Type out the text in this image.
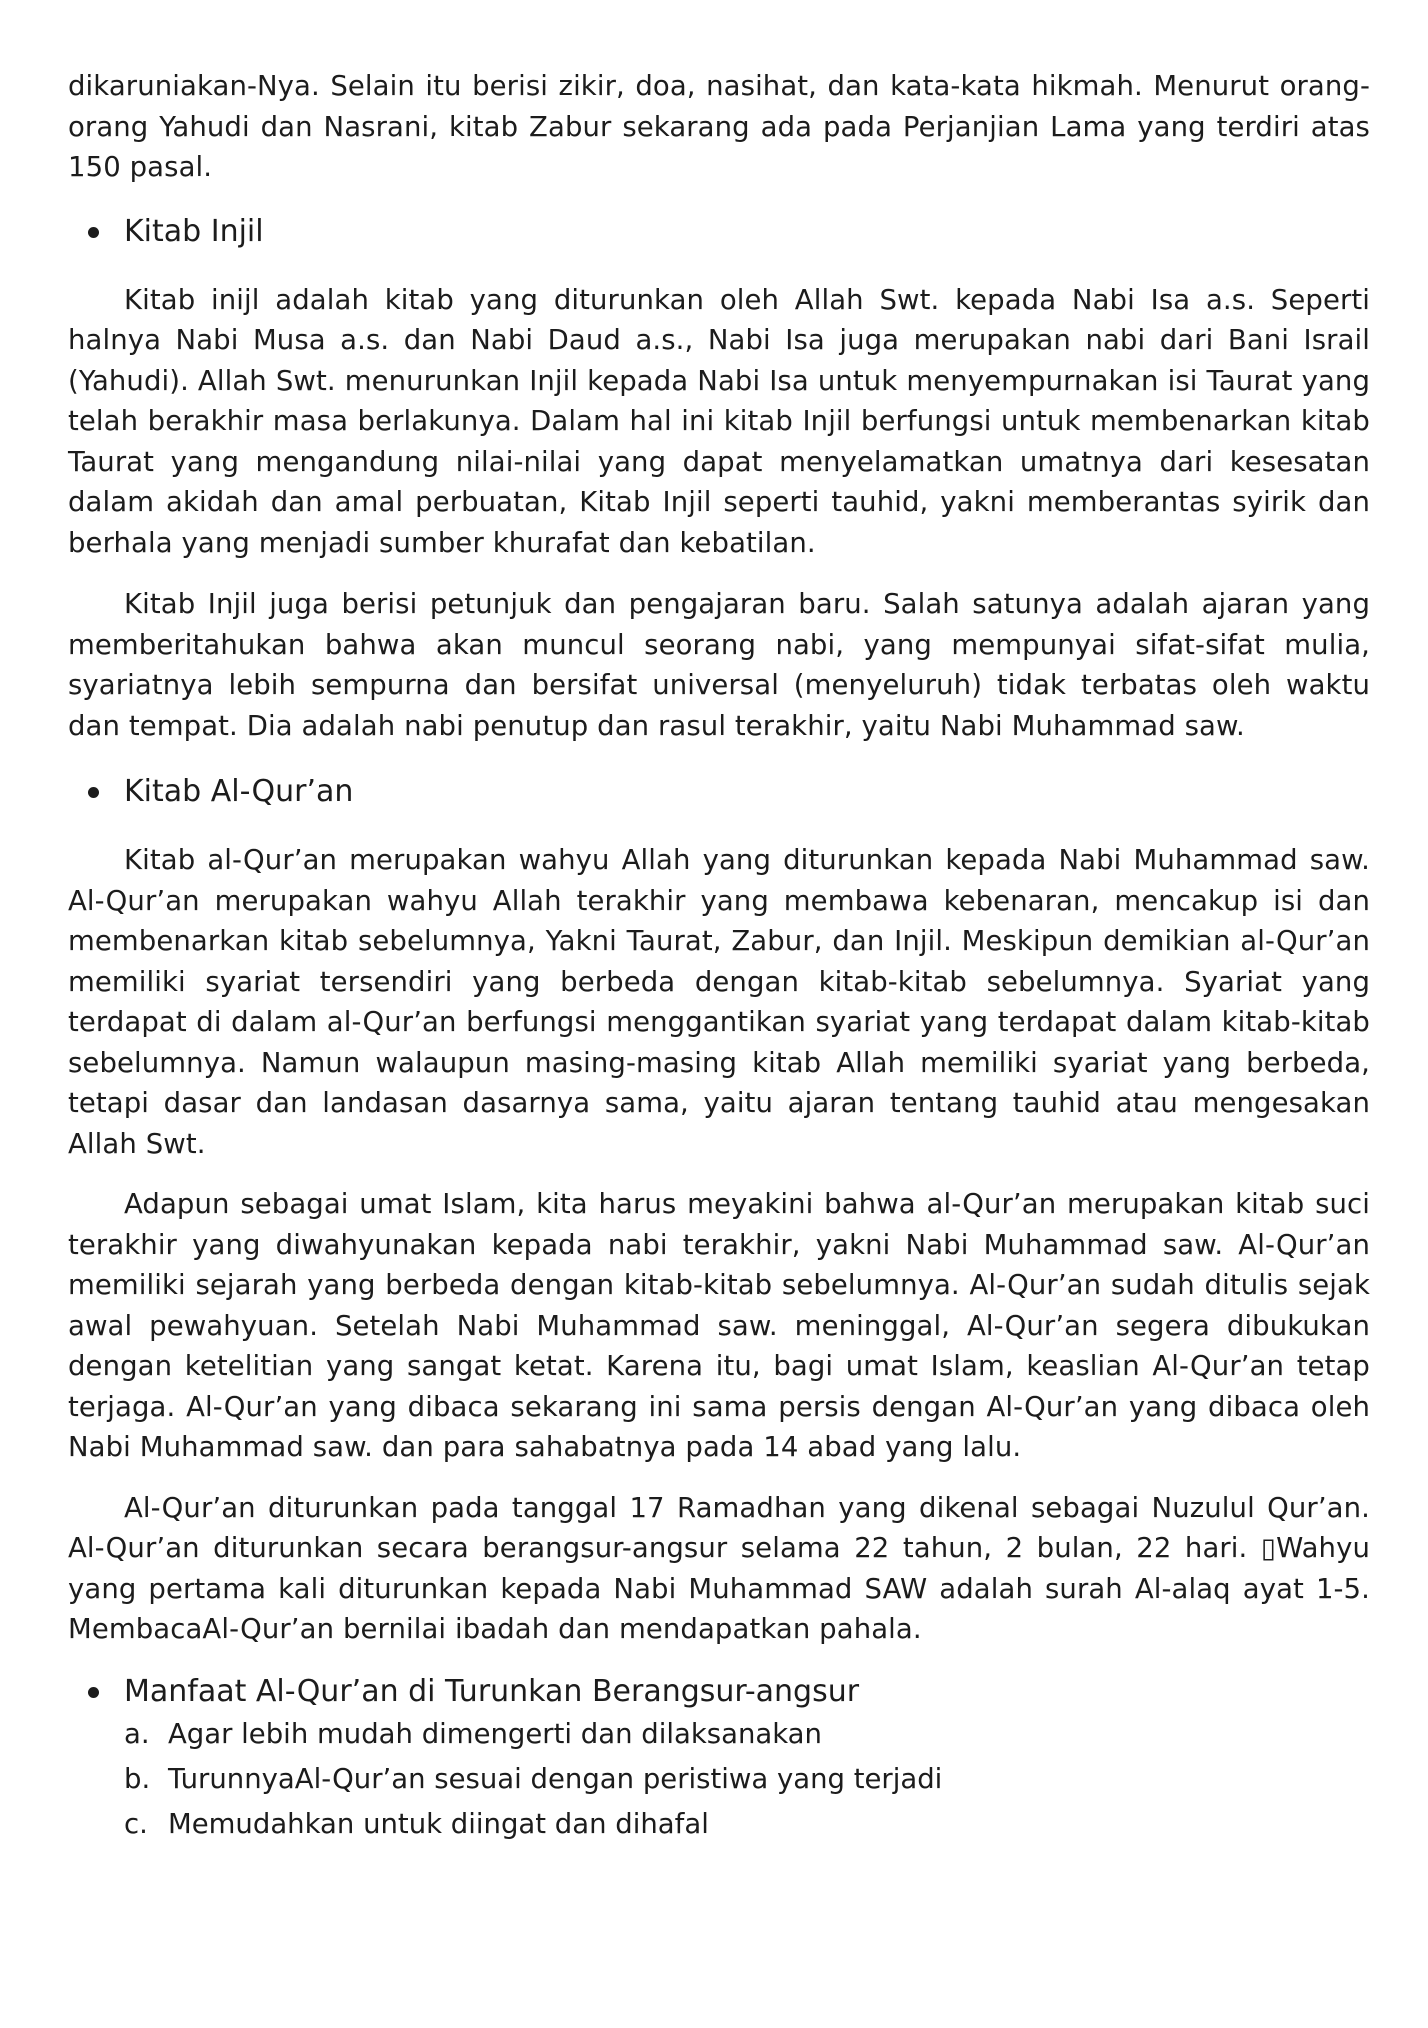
dikaruniakan-Nya. Selain itu berisi zikir, doa, nasihat, dan kata-kata hikmah. Menurut orang-orang Yahudi dan Nasrani, kitab Zabur sekarang ada pada Perjanjian Lama yang terdiri atas 150 pasal.

Kitab Injil

Kitab inijl adalah kitab yang diturunkan oleh Allah Swt. kepada Nabi Isa a.s. Seperti halnya Nabi Musa a.s. dan Nabi Daud a.s., Nabi Isa juga merupakan nabi dari Bani Israil (Yahudi). Allah Swt. menurunkan Injil kepada Nabi Isa untuk menyempurnakan isi Taurat yang telah berakhir masa berlakunya. Dalam hal ini kitab Injil berfungsi untuk membenarkan kitab Taurat yang mengandung nilai-nilai yang dapat menyelamatkan umatnya dari kesesatan dalam akidah dan amal perbuatan, Kitab Injil seperti tauhid, yakni memberantas syirik dan berhala yang menjadi sumber khurafat dan kebatilan.

Kitab Injil juga berisi petunjuk dan pengajaran baru. Salah satunya adalah ajaran yang memberitahukan bahwa akan muncul seorang nabi, yang mempunyai sifat-sifat mulia, syariatnya lebih sempurna dan bersifat universal (menyeluruh) tidak terbatas oleh waktu dan tempat. Dia adalah nabi penutup dan rasul terakhir, yaitu Nabi Muhammad saw.

Kitab Al-Qur’an

Kitab al-Qur’an merupakan wahyu Allah yang diturunkan kepada Nabi Muhammad saw. Al-Qur’an merupakan wahyu Allah terakhir yang membawa kebenaran, mencakup isi dan membenarkan kitab sebelumnya, Yakni Taurat, Zabur, dan Injil. Meskipun demikian al-Qur’an memiliki syariat tersendiri yang berbeda dengan kitab-kitab sebelumnya. Syariat yang terdapat di dalam al-Qur’an berfungsi menggantikan syariat yang terdapat dalam kitab-kitab sebelumnya. Namun walaupun masing-masing kitab Allah memiliki syariat yang berbeda, tetapi dasar dan landasan dasarnya sama, yaitu ajaran tentang tauhid atau mengesakan Allah Swt.

Adapun sebagai umat Islam, kita harus meyakini bahwa al-Qur’an merupakan kitab suci terakhir yang diwahyunakan kepada nabi terakhir, yakni Nabi Muhammad saw. Al-Qur’an memiliki sejarah yang berbeda dengan kitab-kitab sebelumnya. Al-Qur’an sudah ditulis sejak awal pewahyuan. Setelah Nabi Muhammad saw. meninggal, Al-Qur’an segera dibukukan dengan ketelitian yang sangat ketat. Karena itu, bagi umat Islam, keaslian Al-Qur’an tetap terjaga. Al-Qur’an yang dibaca sekarang ini sama persis dengan Al-Qur’an yang dibaca oleh Nabi Muhammad saw. dan para sahabatnya pada 14 abad yang lalu.

Al-Qur’an diturunkan pada tanggal 17 Ramadhan yang dikenal sebagai Nuzulul Qur’an. Al-Qur’an diturunkan secara berangsur-angsur selama 22 tahun, 2 bulan, 22 hari. ▯Wahyu yang pertama kali diturunkan kepada Nabi Muhammad SAW adalah surah Al-alaq ayat 1-5. MembacaAl-Qur’an bernilai ibadah dan mendapatkan pahala.

Manfaat Al-Qur’an di Turunkan Berangsur-angsur

a. Agar lebih mudah dimengerti dan dilaksanakan
b. TurunnyaAl-Qur’an sesuai dengan peristiwa yang terjadi
c. Memudahkan untuk diingat dan dihafal
